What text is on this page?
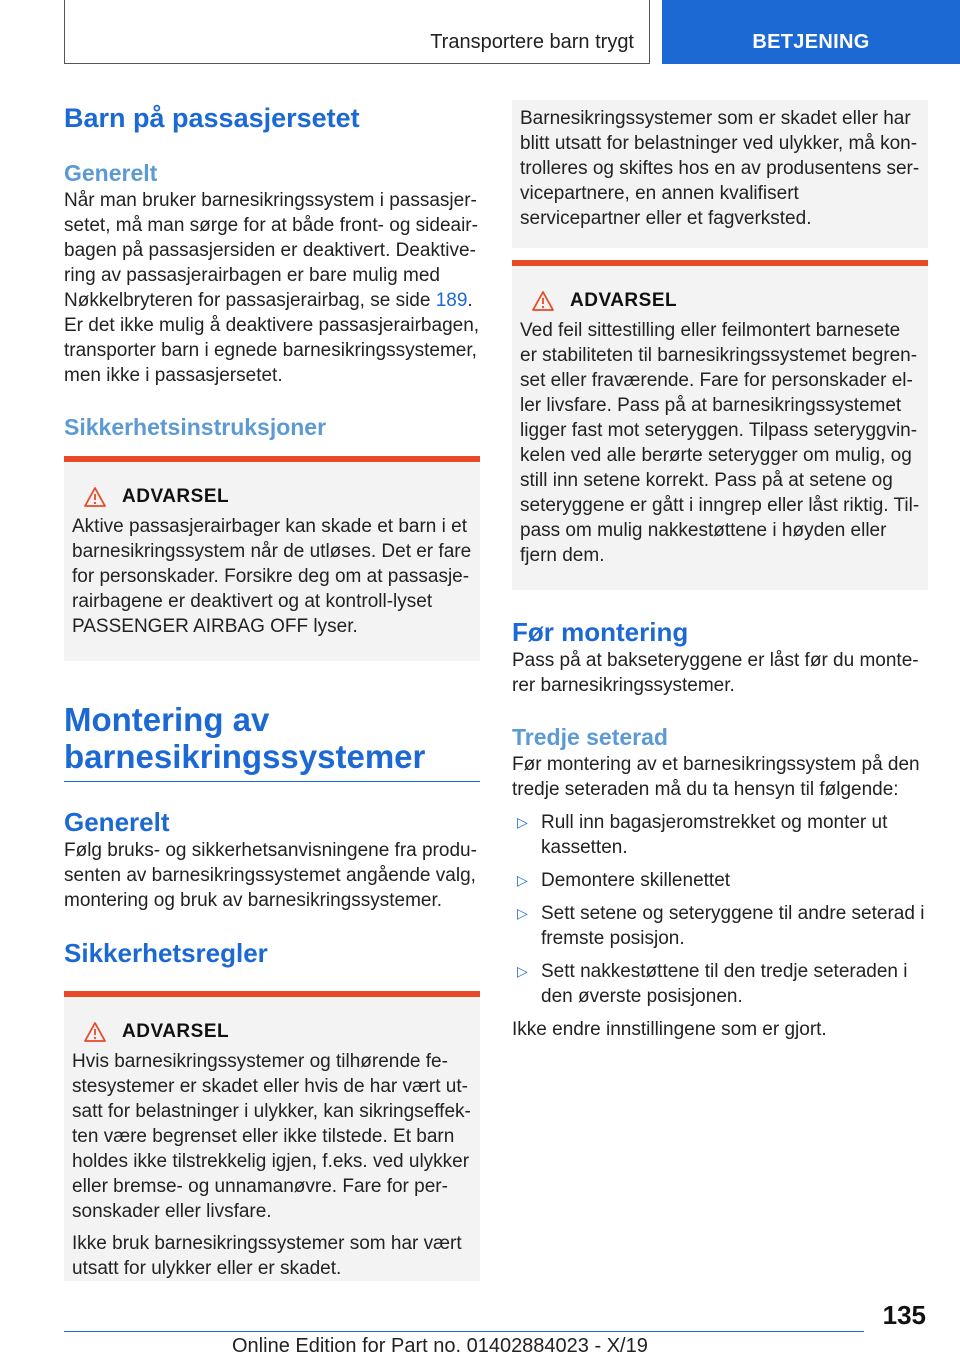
Transportere barn trygt	BETJENING
Barn på passasjersetet
Generelt

Når man bruker barnesikringssystem i passasjersetet, må man sørge for at både front- og sideairbagen på passasjersiden er deaktivert. Deaktivering av passasjerairbagen er bare mulig med Nøkkelbryteren for passasjerairbag, se side 189. Er det ikke mulig å deaktivere passasjerairbagen, transporter barn i egnede barnesikringssystemer, men ikke i passasjersetet.

Sikkerhetsinstruksjoner
ADVARSEL

Aktive passasjerairbager kan skade et barn i et barnesikringssystem når de utløses. Det er fare for personskader. Forsikre deg om at passasjerairbagene er deaktivert og at kontroll-lyset PASSENGER AIRBAG OFF lyser.

Montering av barnesikringssystemer
Generelt

Følg bruks- og sikkerhetsanvisningene fra produsenten av barnesikringssystemet angående valg, montering og bruk av barnesikringssystemer.

Sikkerhetsregler
ADVARSEL

Hvis barnesikringssystemer og tilhørende festesystemer er skadet eller hvis de har vært utsatt for belastninger i ulykker, kan sikringseffekten være begrenset eller ikke tilstede. Et barn holdes ikke tilstrekkelig igjen, f.eks. ved ulykker eller bremse- og unnamanøvre. Fare for personskader eller livsfare.

Ikke bruk barnesikringssystemer som har vært utsatt for ulykker eller er skadet.

Barnesikringssystemer som er skadet eller har blitt utsatt for belastninger ved ulykker, må kontrolleres og skiftes hos en av produsentens servicepartnere, en annen kvalifisert servicepartner eller et fagverksted.

ADVARSEL

Ved feil sittestilling eller feilmontert barnesete er stabiliteten til barnesikringssystemet begrenset eller fraværende. Fare for personskader eller livsfare. Pass på at barnesikringssystemet ligger fast mot seteryggen. Tilpass seteryggvinkelen ved alle berørte seterygger om mulig, og still inn setene korrekt. Pass på at setene og seteryggene er gått i inngrep eller låst riktig. Tilpass om mulig nakkestøttene i høyden eller fjern dem.

Før montering

Pass på at bakseteryggene er låst før du monterer barnesikringssystemer.

Tredje seterad

Før montering av et barnesikringssystem på den tredje seteraden må du ta hensyn til følgende:

▷ Rull inn bagasjeromstrekket og monter ut kassetten.
▷ Demontere skillenettet
▷ Sett setene og seteryggene til andre seterad i fremste posisjon.
▷ Sett nakkestøttene til den tredje seteraden i den øverste posisjonen.

Ikke endre innstillingene som er gjort.

135
Online Edition for Part no. 01402884023 - X/19
